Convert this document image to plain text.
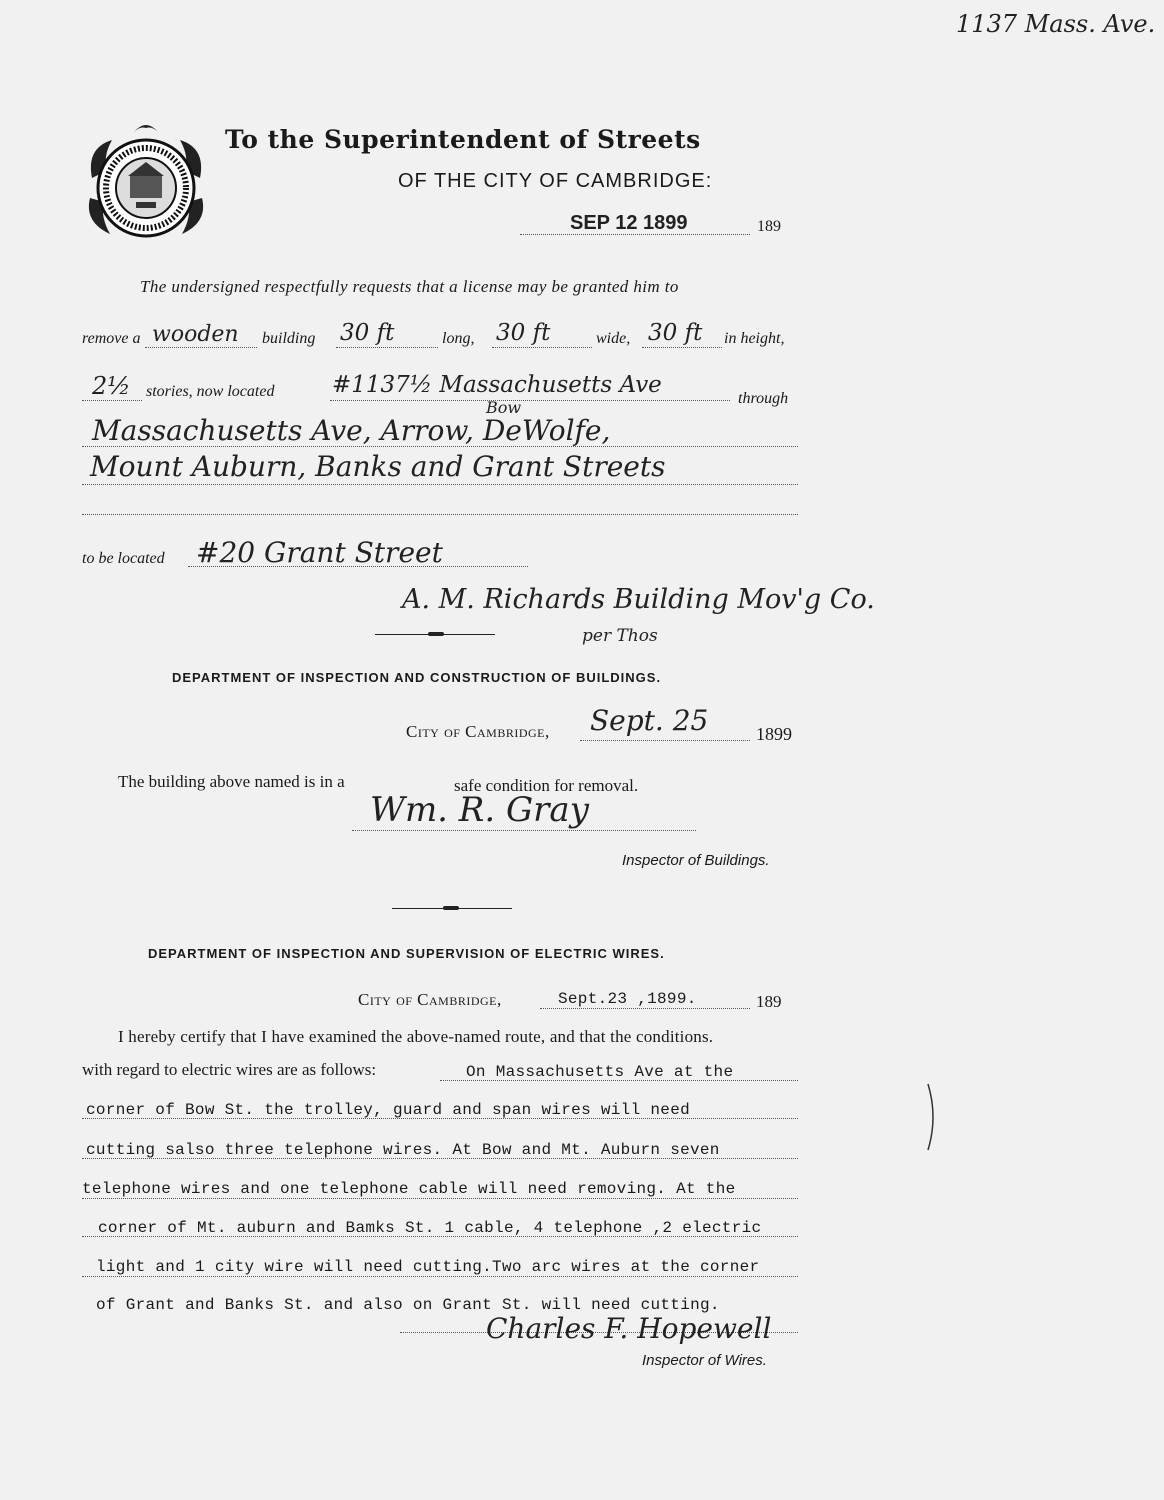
1137 Mass. Ave.
To the Superintendent of Streets
OF THE CITY OF CAMBRIDGE:
SEP 12 1899	189
The undersigned respectfully requests that a license may be granted him to
remove a wooden building 30 ft	long, 30 ft	wide, 30 ft in height,
2½ stories, now located	#1137½ Massachusetts Ave
through
Bow
Massachusetts Ave, Arrow, DeWolfe,
Mount Auburn, Banks and Grant Streets
to be located #20 Grant Street
A. M. Richards Building Mov'g Co.
per Thos
DEPARTMENT OF INSPECTION AND CONSTRUCTION OF BUILDINGS.
City of Cambridge, Sept. 25	1899
The building above named is in a	safe condition for removal.
Wm. R. Gray
Inspector of Buildings.
DEPARTMENT OF INSPECTION AND SUPERVISION OF ELECTRIC WIRES.
City of Cambridge,	Sept.23 ,1899.	189
I hereby certify that I have examined the above-named route, and that the conditions.
with regard to electric wires are as follows:	On Massachusetts Ave at the
corner of Bow St. the trolley, guard and span wires will need
cutting salso three telephone wires. At Bow and Mt. Auburn seven
telephone wires and one telephone cable will need removing. At the
corner of Mt. auburn and Bamks St. 1 cable, 4 telephone ,2 electric
light and 1 city wire will need cutting.Two arc wires at the corner
of Grant and Banks St. and also on Grant St. will need cutting.
Charles F. Hopewell
Inspector of Wires.
